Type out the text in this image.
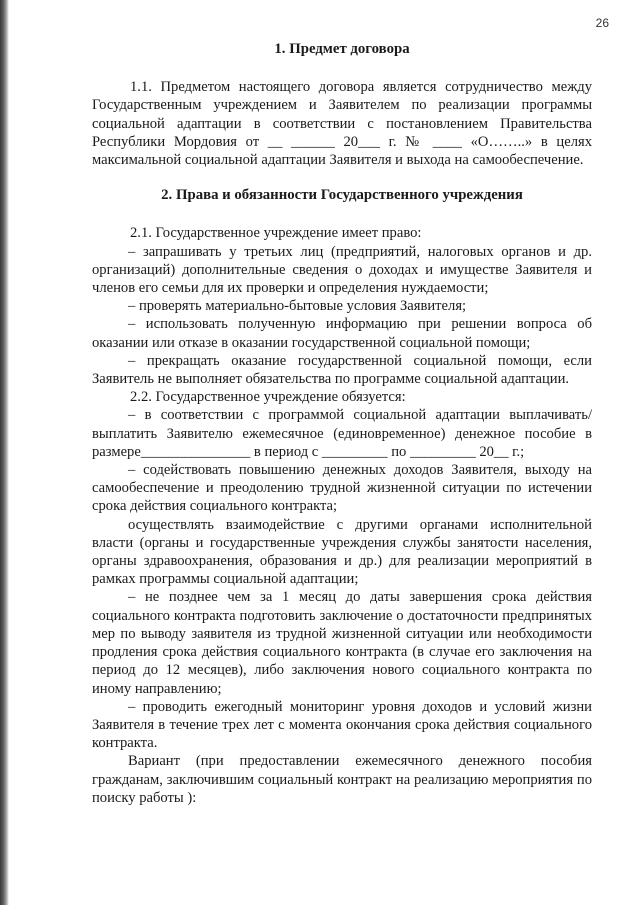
26
1. Предмет договора

1.1. Предметом настоящего договора является сотрудничество между Государственным учреждением и Заявителем по реализации программы социальной адаптации в соответствии с постановлением Правительства Республики Мордовия от __ ______ 20___ г. № ____ «О……..» в целях максимальной социальной адаптации Заявителя и выхода на самообеспечение.

2. Права и обязанности Государственного учреждения

2.1. Государственное учреждение имеет право:

– запрашивать у третьих лиц (предприятий, налоговых органов и др. организаций) дополнительные сведения о доходах и имуществе Заявителя и членов его семьи для их проверки и определения нуждаемости;

– проверять материально-бытовые условия Заявителя;

– использовать полученную информацию при решении вопроса об оказании или отказе в оказании государственной социальной помощи;

– прекращать оказание государственной социальной помощи, если Заявитель не выполняет обязательства по программе социальной адаптации.

2.2. Государственное учреждение обязуется:

– в соответствии с программой социальной адаптации выплачивать/выплатить Заявителю ежемесячное (единовременное) денежное пособие в размере_______________ в период с _________ по _________ 20__ г.;

– содействовать повышению денежных доходов Заявителя, выходу на самообеспечение и преодолению трудной жизненной ситуации по истечении срока действия социального контракта;

осуществлять взаимодействие с другими органами исполнительной власти (органы и государственные учреждения службы занятости населения, органы здравоохранения, образования и др.) для реализации мероприятий в рамках программы социальной адаптации;

– не позднее чем за 1 месяц до даты завершения срока действия социального контракта подготовить заключение о достаточности предпринятых мер по выводу заявителя из трудной жизненной ситуации или необходимости продления срока действия социального контракта (в случае его заключения на период до 12 месяцев), либо заключения нового социального контракта по иному направлению;

– проводить ежегодный мониторинг уровня доходов и условий жизни Заявителя в течение трех лет с момента окончания срока действия социального контракта.

Вариант (при предоставлении ежемесячного денежного пособия гражданам, заключившим социальный контракт на реализацию мероприятия по поиску работы ):
